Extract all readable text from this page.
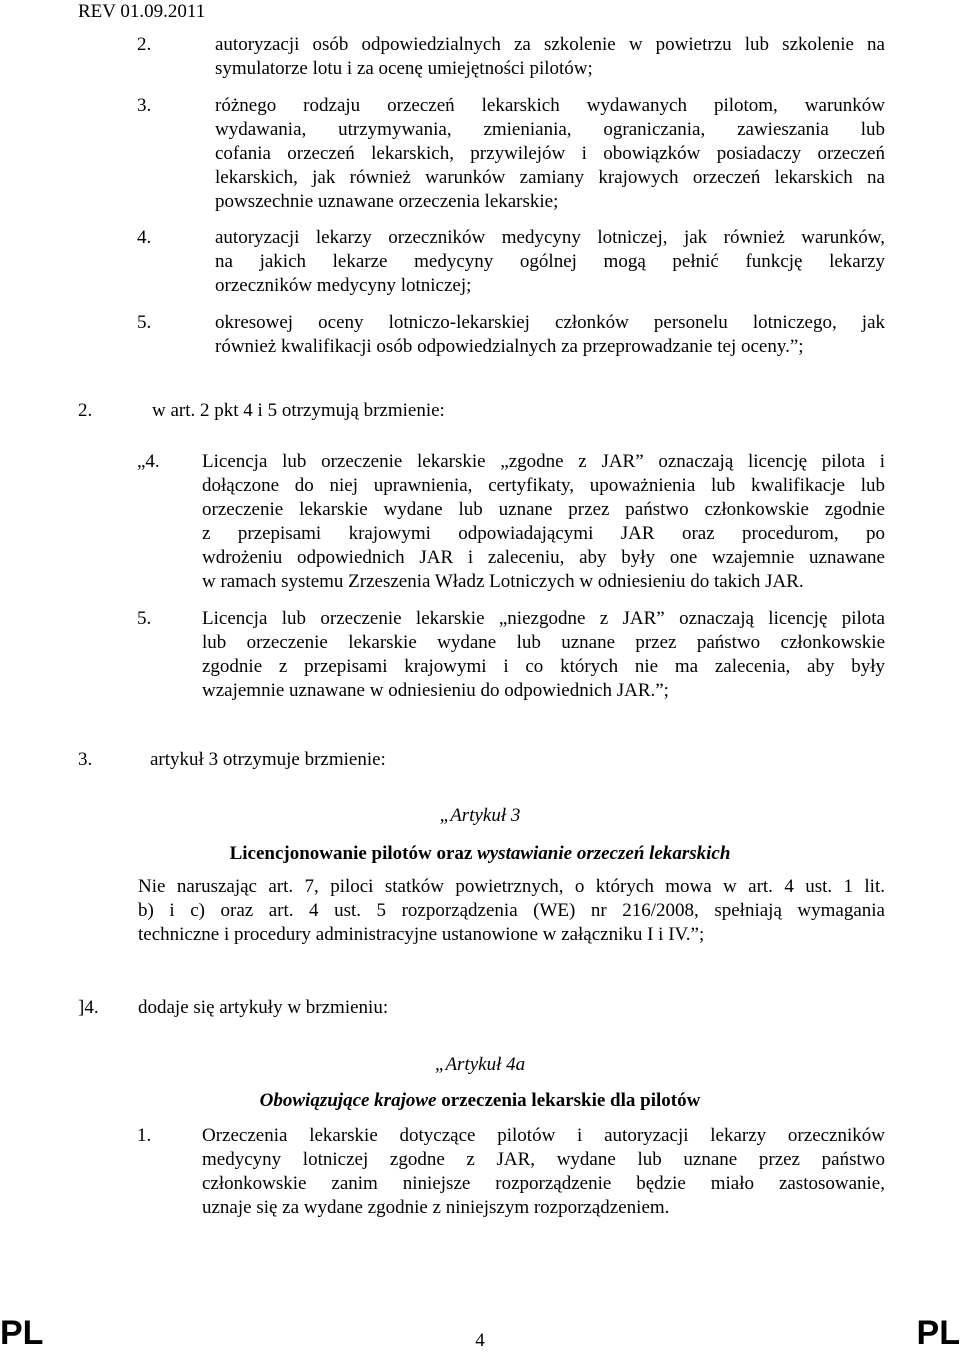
REV 01.09.2011
2.	autoryzacji osób odpowiedzialnych za szkolenie w powietrzu lub szkolenie na
symulatorze lotu i za ocenę umiejętności pilotów;
3.	różnego rodzaju orzeczeń lekarskich wydawanych pilotom, warunków
wydawania, utrzymywania, zmieniania, ograniczania, zawieszania lub
cofania orzeczeń lekarskich, przywilejów i obowiązków posiadaczy orzeczeń
lekarskich, jak również warunków zamiany krajowych orzeczeń lekarskich na
powszechnie uznawane orzeczenia lekarskie;
4.	autoryzacji lekarzy orzeczników medycyny lotniczej, jak również warunków,
na jakich lekarze medycyny ogólnej mogą pełnić funkcję lekarzy
orzeczników medycyny lotniczej;
5.	okresowej oceny lotniczo-lekarskiej członków personelu lotniczego, jak
również kwalifikacji osób odpowiedzialnych za przeprowadzanie tej oceny.”;
2.	w art. 2 pkt 4 i 5 otrzymują brzmienie:
„4. Licencja lub orzeczenie lekarskie „zgodne z JAR” oznaczają licencję pilota i
dołączone do niej uprawnienia, certyfikaty, upoważnienia lub kwalifikacje lub
orzeczenie lekarskie wydane lub uznane przez państwo członkowskie zgodnie
z przepisami krajowymi odpowiadającymi JAR oraz procedurom, po
wdrożeniu odpowiednich JAR i zaleceniu, aby były one wzajemnie uznawane
w ramach systemu Zrzeszenia Władz Lotniczych w odniesieniu do takich JAR.
5.	Licencja lub orzeczenie lekarskie „niezgodne z JAR” oznaczają licencję pilota
lub orzeczenie lekarskie wydane lub uznane przez państwo członkowskie
zgodnie z przepisami krajowymi i co których nie ma zalecenia, aby były
wzajemnie uznawane w odniesieniu do odpowiednich JAR.”;
3.	artykuł 3 otrzymuje brzmienie:
„Artykuł 3
Licencjonowanie pilotów oraz wystawianie orzeczeń lekarskich
Nie naruszając art. 7, piloci statków powietrznych, o których mowa w art. 4 ust. 1 lit.
b) i c) oraz art. 4 ust. 5 rozporządzenia (WE) nr 216/2008, spełniają wymagania
techniczne i procedury administracyjne ustanowione w załączniku I i IV.”;
]4. dodaje się artykuły w brzmieniu:
„Artykuł 4a
Obowiązujące krajowe orzeczenia lekarskie dla pilotów
1.	Orzeczenia lekarskie dotyczące pilotów i autoryzacji lekarzy orzeczników
medycyny lotniczej zgodne z JAR, wydane lub uznane przez państwo
członkowskie zanim niniejsze rozporządzenie będzie miało zastosowanie,
uznaje się za wydane zgodnie z niniejszym rozporządzeniem.
PL	4	PL
